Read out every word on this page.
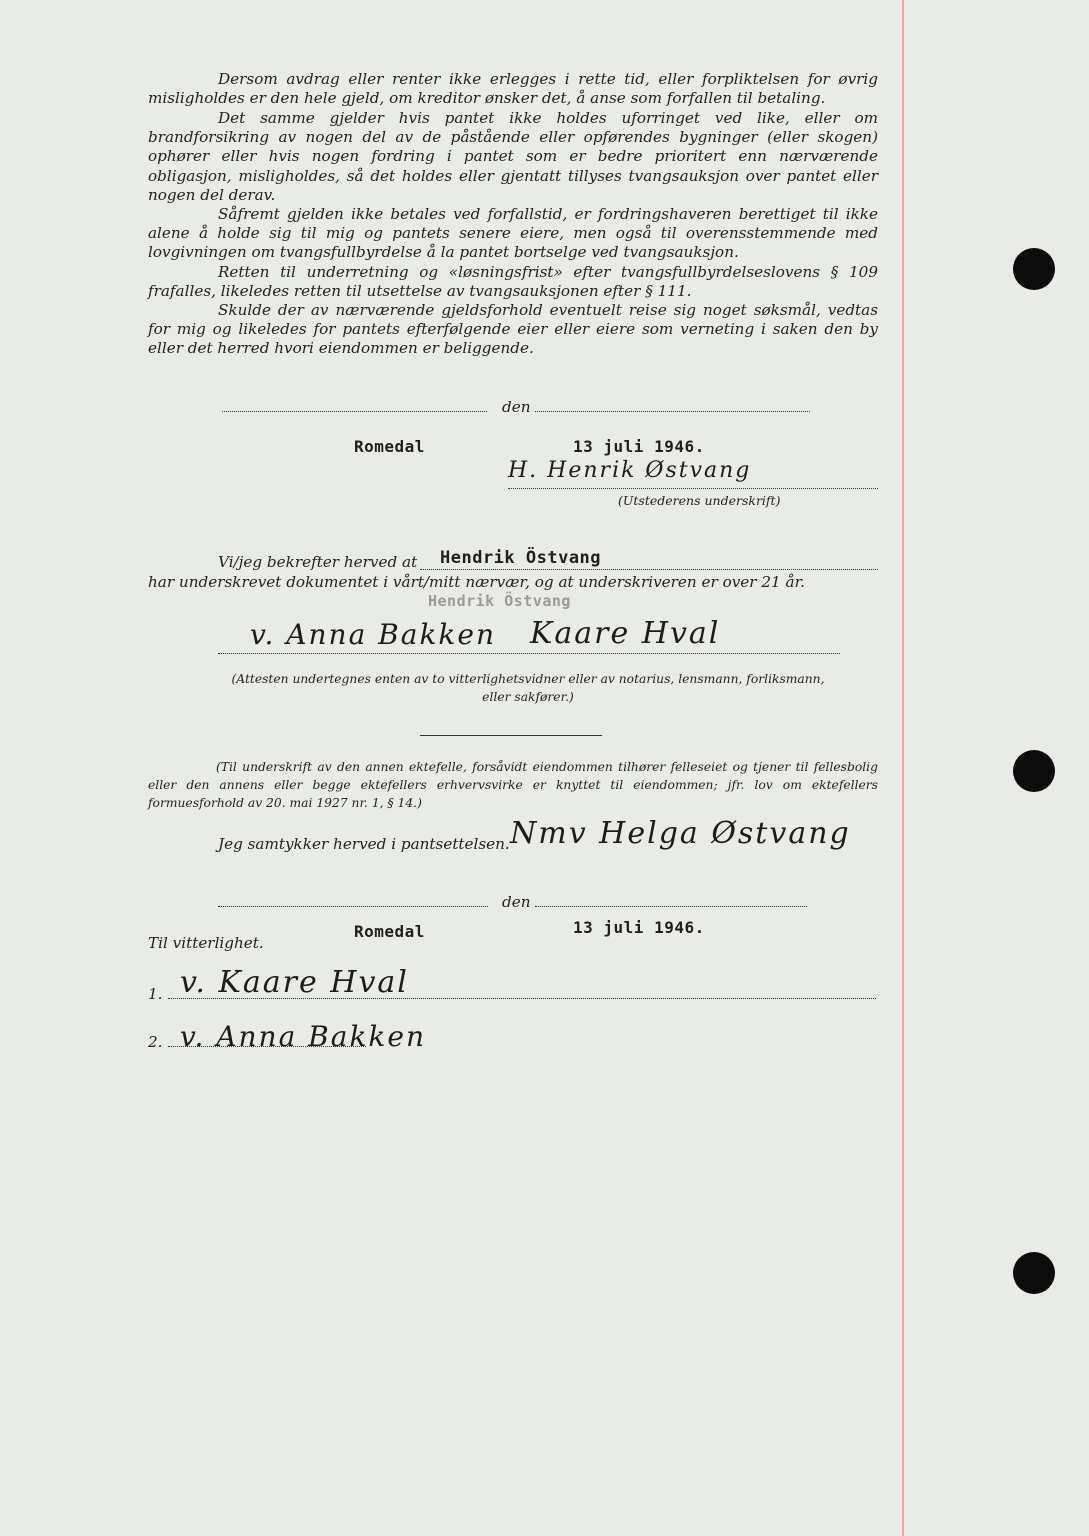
Dersom avdrag eller renter ikke erlegges i rette tid, eller forpliktelsen for øvrig misligholdes er den hele gjeld, om kreditor ønsker det, å anse som forfallen til betaling.

Det samme gjelder hvis pantet ikke holdes uforringet ved like, eller om brandforsikring av nogen del av de påstående eller opførendes bygninger (eller skogen) ophører eller hvis nogen fordring i pantet som er bedre prioritert enn nærværende obligasjon, misligholdes, så det holdes eller gjentatt tillyses tvangsauksjon over pantet eller nogen del derav.

Såfremt gjelden ikke betales ved forfallstid, er fordringshaveren berettiget til ikke alene å holde sig til mig og pantets senere eiere, men også til overensstemmende med lovgivningen om tvangsfullbyrdelse å la pantet bortselge ved tvangsauksjon.

Retten til underretning og «løsningsfrist» efter tvangsfullbyrdelseslovens § 109 frafalles, likeledes retten til utsettelse av tvangsauksjonen efter § 111.

Skulde der av nærværende gjeldsforhold eventuelt reise sig noget søksmål, vedtas for mig og likeledes for pantets efterfølgende eier eller eiere som verneting i saken den by eller det herred hvori eiendommen er beliggende.

den
Romedal	13 juli 1946.
H. Henrik Østvang
(Utstederens underskrift)
Vi/jeg bekrefter herved at Hendrik Östvang
har underskrevet dokumentet i vårt/mitt nærvær, og at underskriveren er over 21 år.
Hendrik Östvang
v. Anna Bakken Kaare Hval

(Attesten undertegnes enten av to vitterlighetsvidner eller av notarius, lensmann, forliksmann, eller sakfører.)

(Til underskrift av den annen ektefelle, forsåvidt eiendommen tilhører felleseiet og tjener til fellesbolig eller den annens eller begge ektefellers erhvervsvirke er knyttet til eiendommen; jfr. lov om ektefellers formuesforhold av 20. mai 1927 nr. 1, § 14.)

Jeg samtykker herved i pantsettelsen. Nmv Helga Østvang
den
Romedal	13 juli 1946.
Til vitterlighet.
1. v. Kaare Hval
2. v. Anna Bakken
